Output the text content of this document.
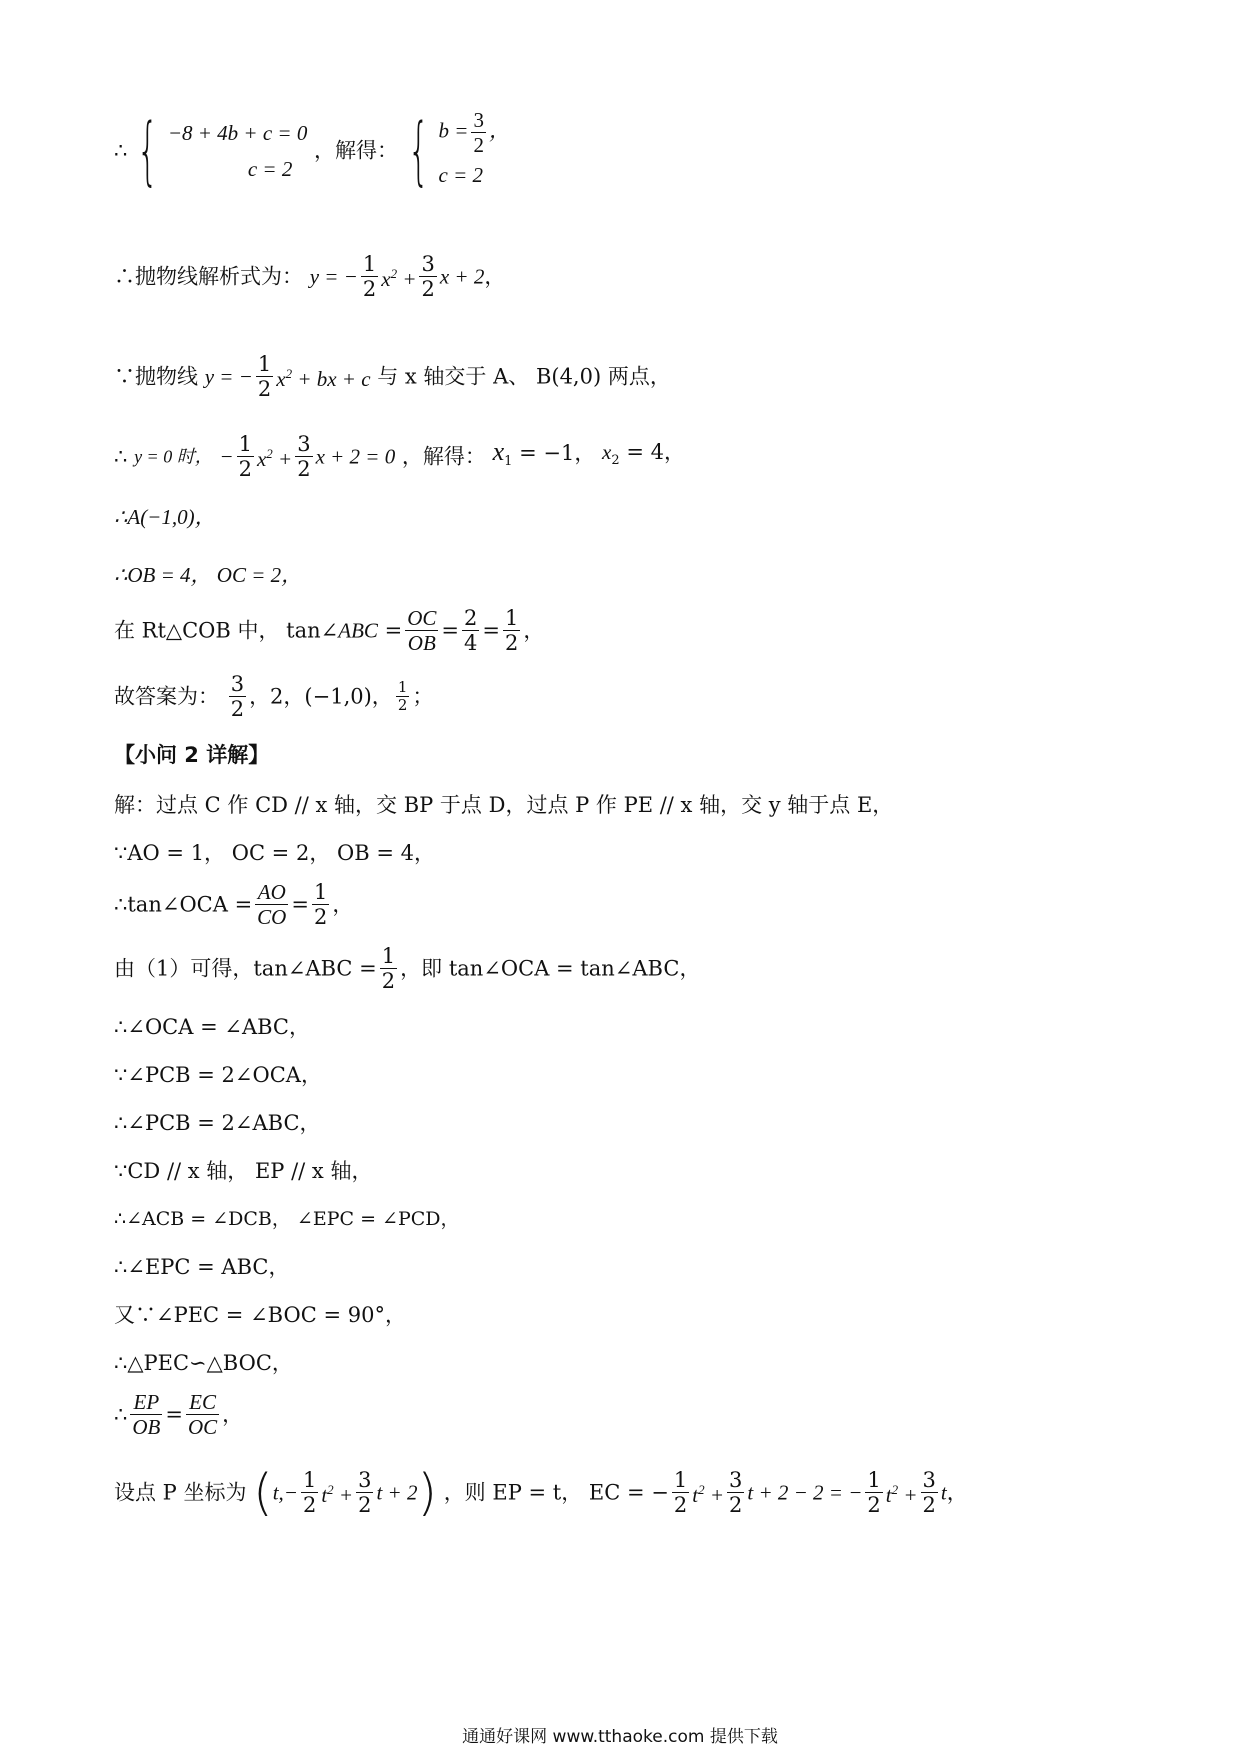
∴ { −8 + 4b + c = 0
c = 2
，解得： { $b = \frac{3}{2}$ ，
c = 2
∴抛物线解析式为： y = − $\frac{1}{2} x^2 + \frac{3}{2}$ x + 2，
∵抛物线 y = − $\frac{1}{2} x^2$ + bx + c 与 x 轴交于 A、 B(4,0) 两点，
∴ y = 0 时， − $\frac{1}{2} x^2 + \frac{3}{2}$ x + 2 = 0 ，解得： $x_1 = -1$， $x_2 = 4$，
∴A(−1,0)，
∴OB = 4， OC = 2，
在 Rt△COB 中， tan∠ABC = $\frac{OC}{OB} = \frac{2}{4} = \frac{1}{2}$ ，
故答案为： $\frac{3}{2}$ ，2，(−1,0)， $\frac{1}{2}$ ；
【小问 2 详解】
解：过点 C 作 CD // x 轴，交 BP 于点 D，过点 P 作 PE // x 轴，交 y 轴于点 E，
∵AO = 1， OC = 2， OB = 4，
∴tan∠OCA = $\frac{AO}{CO} = \frac{1}{2}$ ，
由（1）可得，tan∠ABC = $\frac{1}{2}$ ，即 tan∠OCA = tan∠ABC，
∴∠OCA = ∠ABC，
∵∠PCB = 2∠OCA，
∴∠PCB = 2∠ABC，
∵CD // x 轴， EP // x 轴，
∴∠ACB = ∠DCB， ∠EPC = ∠PCD，
∴∠EPC = ABC，
又∵∠PEC = ∠BOC = 90°，
∴△PEC∽△BOC，
∴ $\frac{EP}{OB} = \frac{EC}{OC}$ ，
设点 P 坐标为 ($t,- \frac{1}{2} t^2 + \frac{3}{2}$ t + 2) ，则 EP = t， EC = − $\frac{1}{2} t^2 + \frac{3}{2}$ t + 2 − 2 = − $\frac{1}{2} t^2 + \frac{3}{2}$ t，
通通好课网 www.tthaoke.com 提供下载
